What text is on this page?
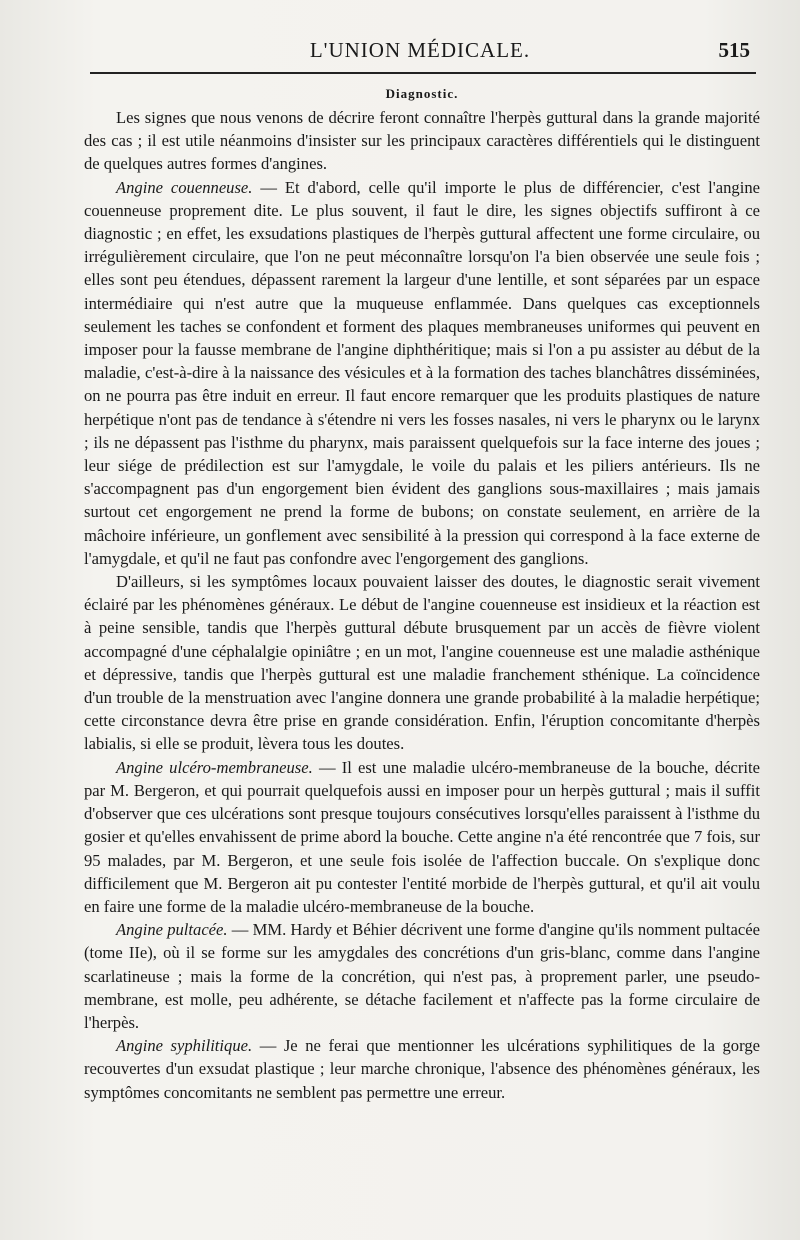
L'UNION MÉDICALE.	515
Diagnostic.

Les signes que nous venons de décrire feront connaître l'herpès guttural dans la grande majorité des cas ; il est utile néanmoins d'insister sur les principaux caractères différentiels qui le distinguent de quelques autres formes d'angines.

Angine couenneuse. — Et d'abord, celle qu'il importe le plus de différencier, c'est l'angine couenneuse proprement dite. Le plus souvent, il faut le dire, les signes objectifs suffiront à ce diagnostic ; en effet, les exsudations plastiques de l'herpès guttural affectent une forme circulaire, ou irrégulièrement circulaire, que l'on ne peut méconnaître lorsqu'on l'a bien observée une seule fois ; elles sont peu étendues, dépassent rarement la largeur d'une lentille, et sont séparées par un espace intermédiaire qui n'est autre que la muqueuse enflammée. Dans quelques cas exceptionnels seulement les taches se confondent et forment des plaques membraneuses uniformes qui peuvent en imposer pour la fausse membrane de l'angine diphthéritique; mais si l'on a pu assister au début de la maladie, c'est-à-dire à la naissance des vésicules et à la formation des taches blanchâtres disséminées, on ne pourra pas être induit en erreur. Il faut encore remarquer que les produits plastiques de nature herpétique n'ont pas de tendance à s'étendre ni vers les fosses nasales, ni vers le pharynx ou le larynx ; ils ne dépassent pas l'isthme du pharynx, mais paraissent quelquefois sur la face interne des joues ; leur siége de prédilection est sur l'amygdale, le voile du palais et les piliers antérieurs. Ils ne s'accompagnent pas d'un engorgement bien évident des ganglions sous-maxillaires ; mais jamais surtout cet engorgement ne prend la forme de bubons; on constate seulement, en arrière de la mâchoire inférieure, un gonflement avec sensibilité à la pression qui correspond à la face externe de l'amygdale, et qu'il ne faut pas confondre avec l'engorgement des ganglions.

D'ailleurs, si les symptômes locaux pouvaient laisser des doutes, le diagnostic serait vivement éclairé par les phénomènes généraux. Le début de l'angine couenneuse est insidieux et la réaction est à peine sensible, tandis que l'herpès guttural débute brusquement par un accès de fièvre violent accompagné d'une céphalalgie opiniâtre ; en un mot, l'angine couenneuse est une maladie asthénique et dépressive, tandis que l'herpès guttural est une maladie franchement sthénique. La coïncidence d'un trouble de la menstruation avec l'angine donnera une grande probabilité à la maladie herpétique; cette circonstance devra être prise en grande considération. Enfin, l'éruption concomitante d'herpès labialis, si elle se produit, lèvera tous les doutes.

Angine ulcéro-membraneuse. — Il est une maladie ulcéro-membraneuse de la bouche, décrite par M. Bergeron, et qui pourrait quelquefois aussi en imposer pour un herpès guttural ; mais il suffit d'observer que ces ulcérations sont presque toujours consécutives lorsqu'elles paraissent à l'isthme du gosier et qu'elles envahissent de prime abord la bouche. Cette angine n'a été rencontrée que 7 fois, sur 95 malades, par M. Bergeron, et une seule fois isolée de l'affection buccale. On s'explique donc difficilement que M. Bergeron ait pu contester l'entité morbide de l'herpès guttural, et qu'il ait voulu en faire une forme de la maladie ulcéro-membraneuse de la bouche.

Angine pultacée. — MM. Hardy et Béhier décrivent une forme d'angine qu'ils nomment pultacée (tome IIe), où il se forme sur les amygdales des concrétions d'un gris-blanc, comme dans l'angine scarlatineuse ; mais la forme de la concrétion, qui n'est pas, à proprement parler, une pseudo-membrane, est molle, peu adhérente, se détache facilement et n'affecte pas la forme circulaire de l'herpès.

Angine syphilitique. — Je ne ferai que mentionner les ulcérations syphilitiques de la gorge recouvertes d'un exsudat plastique ; leur marche chronique, l'absence des phénomènes généraux, les symptômes concomitants ne semblent pas permettre une erreur.
